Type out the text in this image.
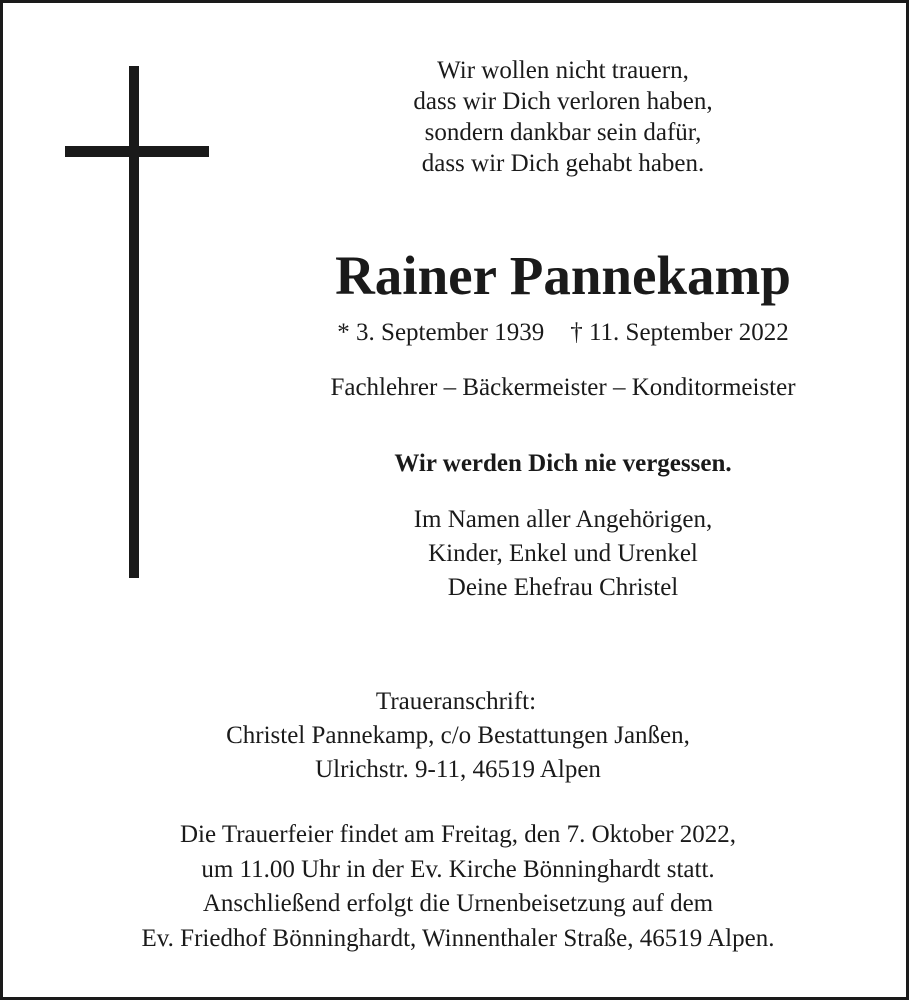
Wir wollen nicht trauern,
dass wir Dich verloren haben,
sondern dankbar sein dafür,
dass wir Dich gehabt haben.
Rainer Pannekamp
* 3. September 1939 † 11. September 2022
Fachlehrer – Bäckermeister – Konditormeister
Wir werden Dich nie vergessen.
Im Namen aller Angehörigen,
Kinder, Enkel und Urenkel
Deine Ehefrau Christel
Traueranschrift:
Christel Pannekamp, c/o Bestattungen Janßen,
Ulrichstr. 9-11, 46519 Alpen
Die Trauerfeier findet am Freitag, den 7. Oktober 2022,
um 11.00 Uhr in der Ev. Kirche Bönninghardt statt.
Anschließend erfolgt die Urnenbeisetzung auf dem
Ev. Friedhof Bönninghardt, Winnenthaler Straße, 46519 Alpen.
